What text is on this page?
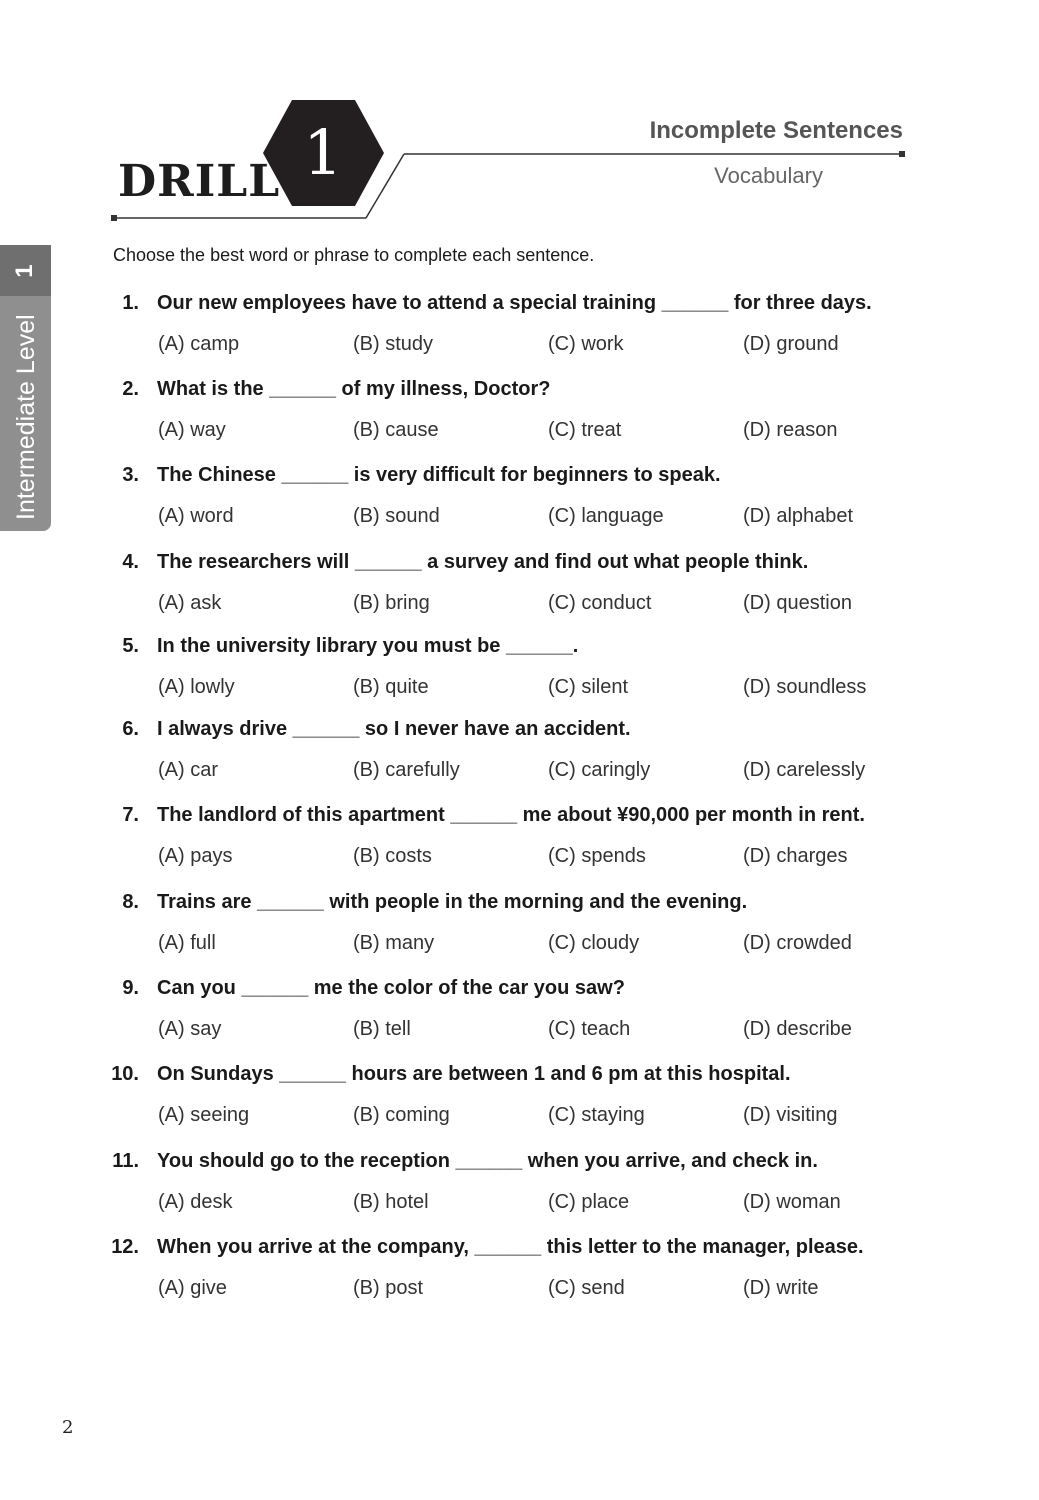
DRILL 1	Incomplete Sentences
Vocabulary
1
Intermediate Level
Choose the best word or phrase to complete each sentence.
1. Our new employees have to attend a special training ______ for three days.
(A) camp	(B) study	(C) work	(D) ground
2. What is the ______ of my illness, Doctor?
(A) way	(B) cause	(C) treat	(D) reason
3. The Chinese ______ is very difficult for beginners to speak.
(A) word	(B) sound	(C) language	(D) alphabet
4. The researchers will ______ a survey and find out what people think.
(A) ask	(B) bring	(C) conduct	(D) question
5. In the university library you must be ______.
(A) lowly	(B) quite	(C) silent	(D) soundless
6. I always drive ______ so I never have an accident.
(A) car	(B) carefully	(C) caringly	(D) carelessly
7. The landlord of this apartment ______ me about ¥90,000 per month in rent.
(A) pays	(B) costs	(C) spends	(D) charges
8. Trains are ______ with people in the morning and the evening.
(A) full	(B) many	(C) cloudy	(D) crowded
9. Can you ______ me the color of the car you saw?
(A) say	(B) tell	(C) teach	(D) describe
10. On Sundays ______ hours are between 1 and 6 pm at this hospital.
(A) seeing	(B) coming	(C) staying	(D) visiting
11. You should go to the reception ______ when you arrive, and check in.
(A) desk	(B) hotel	(C) place	(D) woman
12. When you arrive at the company, ______ this letter to the manager, please.
(A) give	(B) post	(C) send	(D) write
2
